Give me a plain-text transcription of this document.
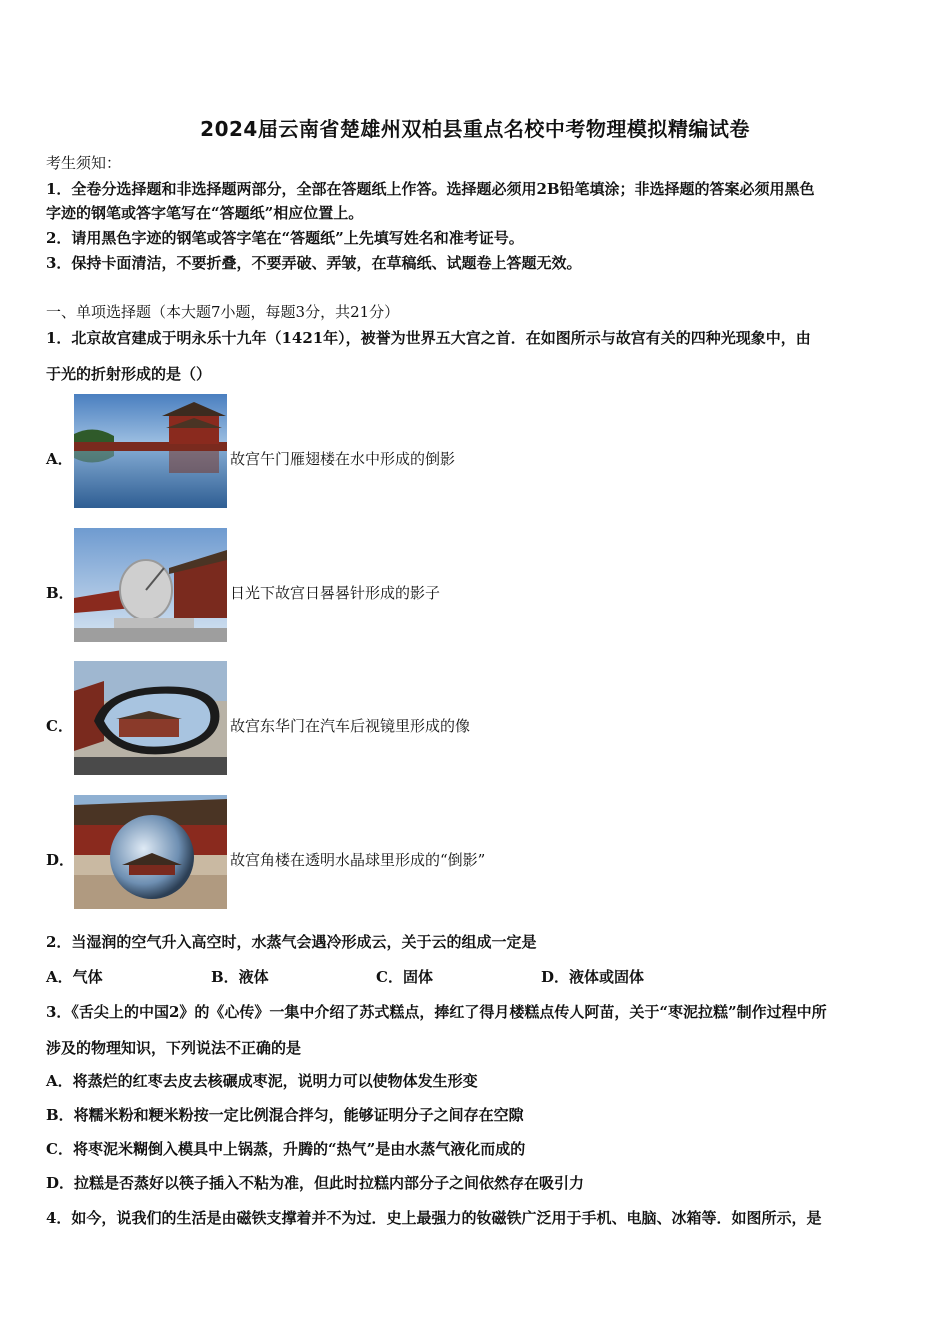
2024届云南省楚雄州双柏县重点名校中考物理模拟精编试卷
考生须知：
1．全卷分选择题和非选择题两部分，全部在答题纸上作答。选择题必须用2B铅笔填涂；非选择题的答案必须用黑色
字迹的钢笔或答字笔写在“答题纸”相应位置上。
2．请用黑色字迹的钢笔或答字笔在“答题纸”上先填写姓名和准考证号。
3．保持卡面清洁，不要折叠，不要弄破、弄皱，在草稿纸、试题卷上答题无效。
一、单项选择题（本大题7小题，每题3分，共21分）
1．北京故宫建成于明永乐十九年（1421年），被誉为世界五大宫之首．在如图所示与故宫有关的四种光现象中，由
于光的折射形成的是（）
A．	故宫午门雁翅楼在水中形成的倒影
B．	日光下故宫日晷晷针形成的影子
C．	故宫东华门在汽车后视镜里形成的像
D．	故宫角楼在透明水晶球里形成的“倒影”
2．当湿润的空气升入高空时，水蒸气会遇冷形成云，关于云的组成一定是
A．气体	B．液体	C．固体	D．液体或固体
3．《舌尖上的中国2》的《心传》一集中介绍了苏式糕点，捧红了得月楼糕点传人阿苗，关于“枣泥拉糕”制作过程中所
涉及的物理知识，下列说法不正确的是
A．将蒸烂的红枣去皮去核碾成枣泥，说明力可以使物体发生形变
B．将糯米粉和粳米粉按一定比例混合拌匀，能够证明分子之间存在空隙
C．将枣泥米糊倒入模具中上锅蒸，升腾的“热气”是由水蒸气液化而成的
D．拉糕是否蒸好以筷子插入不粘为准，但此时拉糕内部分子之间依然存在吸引力
4．如今，说我们的生活是由磁铁支撑着并不为过．史上最强力的钕磁铁广泛用于手机、电脑、冰箱等．如图所示，是
